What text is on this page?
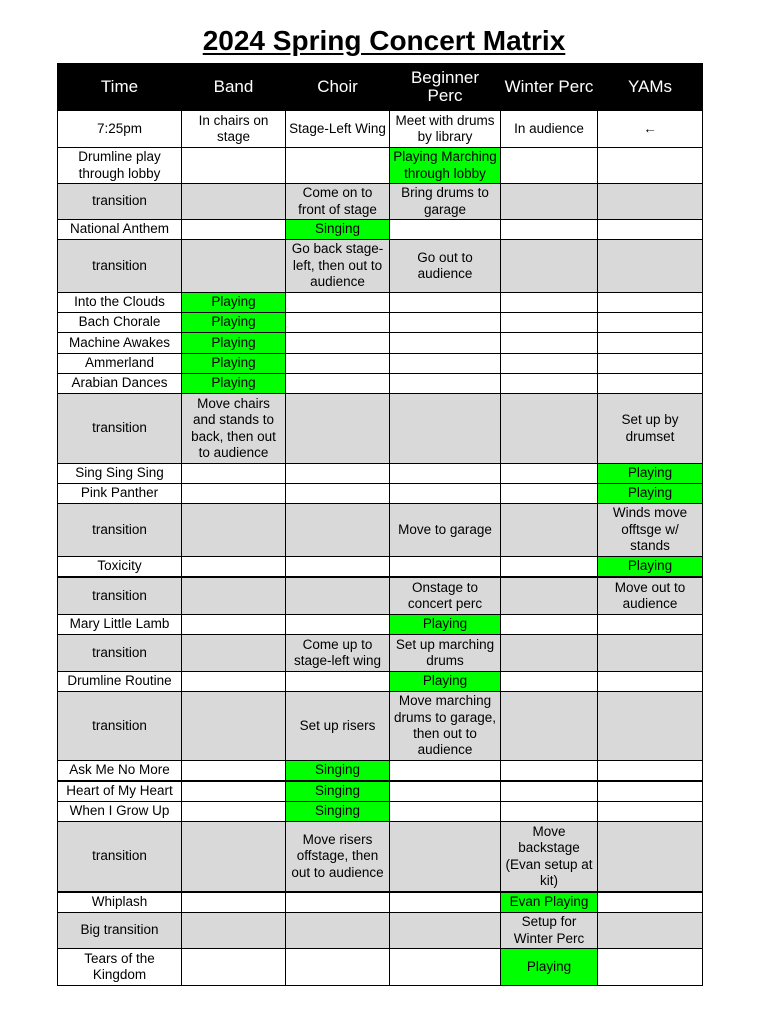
2024 Spring Concert Matrix
Time	Band	Choir	Beginner Perc	Winter Perc	YAMs
7:25pm	In chairs on stage	Stage-Left Wing	Meet with drums by library	In audience	←
Drumline play through lobby			Playing Marching through lobby		
transition		Come on to front of stage	Bring drums to garage		
National Anthem		Singing			
transition		Go back stage-left, then out to audience	Go out to audience		
Into the Clouds	Playing				
Bach Chorale	Playing				
Machine Awakes	Playing				
Ammerland	Playing				
Arabian Dances	Playing				
transition	Move chairs and stands to back, then out to audience				Set up by drumset
Sing Sing Sing					Playing
Pink Panther					Playing
transition			Move to garage		Winds move offtsge w/ stands
Toxicity					Playing
transition			Onstage to concert perc		Move out to audience
Mary Little Lamb			Playing		
transition		Come up to stage-left wing	Set up marching drums		
Drumline Routine			Playing		
transition		Set up risers	Move marching drums to garage, then out to audience		
Ask Me No More		Singing			
Heart of My Heart		Singing			
When I Grow Up		Singing			
transition		Move risers offstage, then out to audience		Move backstage (Evan setup at kit)	
Whiplash				Evan Playing	
Big transition				Setup for Winter Perc	
Tears of the Kingdom				Playing	
